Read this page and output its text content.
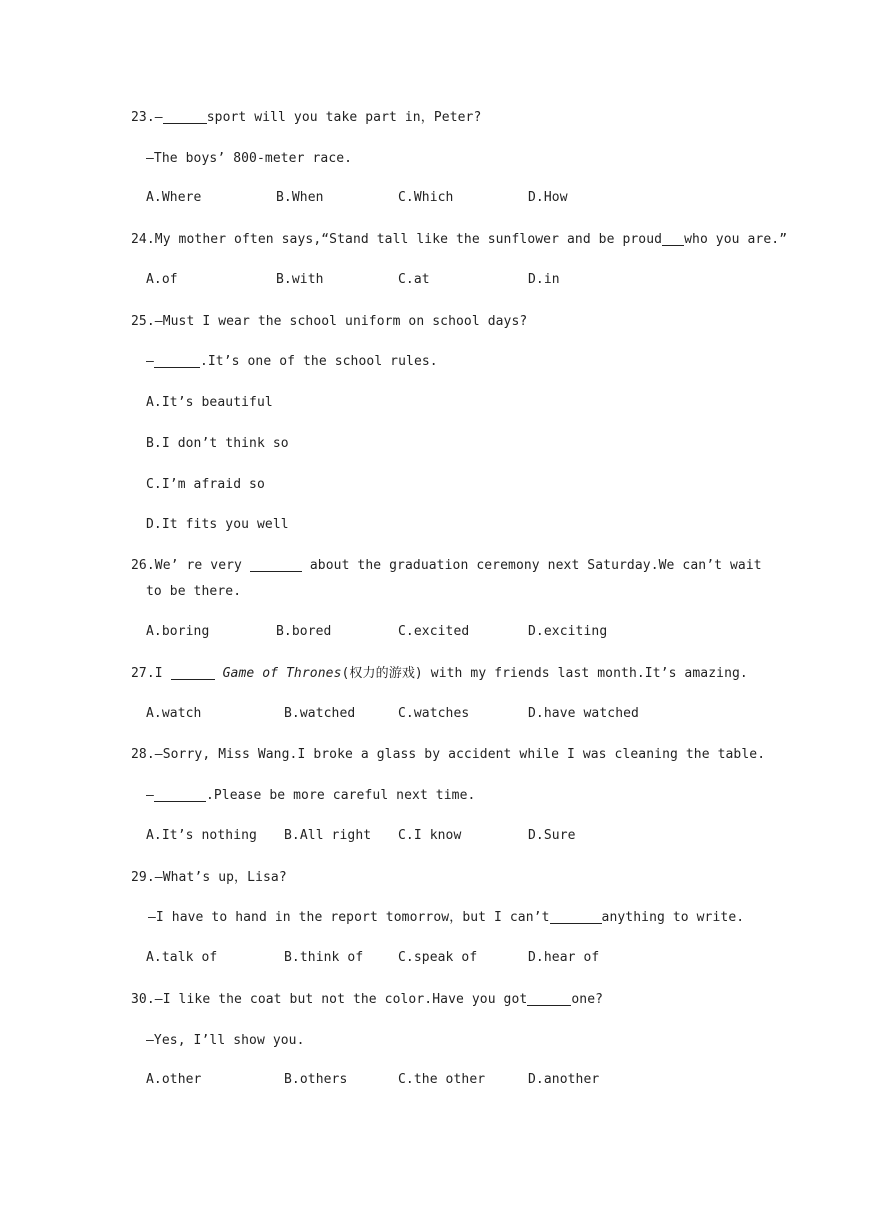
23.—	sport will you take part in，Peter?
—The boys’ 800-meter race.
A.Where	B.When	C.Which	D.How
24.My mother often says,“Stand tall like the sunflower and be proud who you are.”
A.of	B.with	C.at	D.in
25.—Must I wear the school uniform on school days?
—	.It’s one of the school rules.
A.It’s beautiful
B.I don’t think so
C.I’m afraid so
D.It fits you well
26.We’ re very	about the graduation ceremony next Saturday.We can’t wait
to be there.
A.boring	B.bored	C.excited	D.exciting
27.I	Game of Thrones(权力的游戏) with my friends last month.It’s amazing.
A.watch	B.watched	C.watches	D.have watched
28.—Sorry, Miss Wang.I broke a glass by accident while I was cleaning the table.
—	.Please be more careful next time.
A.It’s nothing B.All right C.I know	D.Sure
29.—What’s up，Lisa?
—I have to hand in the report tomorrow，but I can’t	anything to write.
A.talk of	B.think of	C.speak of	D.hear of
30.—I like the coat but not the color.Have you got	one?
—Yes, I’ll show you.
A.other	B.others	C.the other	D.another
